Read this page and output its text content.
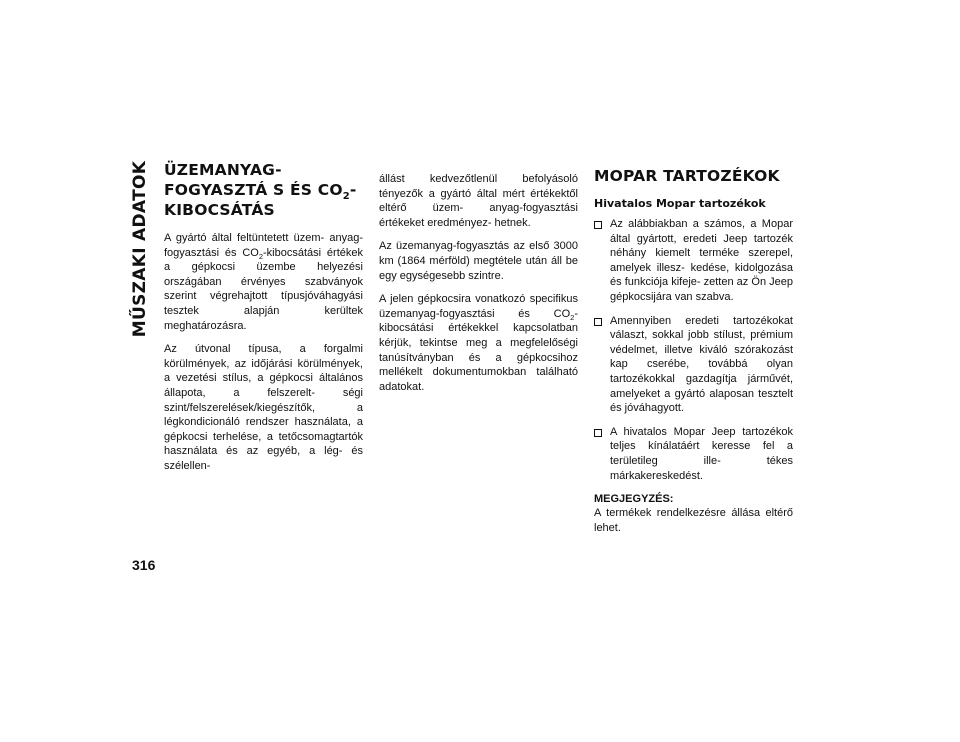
MŰSZAKI ADATOK ÜZEMANYAG-FOGYASZTÁ S ÉS $CO_2$-KIBOCSÁTÁS

A gyártó által feltüntetett üzem- anyag-fogyasztási és $CO_2$-kibocsátási értékek a gépkocsi üzembe helyezési országában érvényes szabványok szerint végrehajtott típusjóváhagyási tesztek alapján kerültek meghatározásra.

Az útvonal típusa, a forgalmi körülmények, az időjárási körülmények, a vezetési stílus, a gépkocsi általános állapota, a felszerelt- ségi szint/felszerelések/kiegészítők, a légkondicionáló rendszer használata, a gépkocsi terhelése, a tetőcsomagtartók használata és az egyéb, a lég- és szélellen-

állást kedvezőtlenül befolyásoló tényezők a gyártó által mért értékektől eltérő üzem- anyag-fogyasztási értékeket eredményez- hetnek.

Az üzemanyag-fogyasztás az első 3000 km (1864 mérföld) megtétele után áll be egy egységesebb szintre.

A jelen gépkocsira vonatkozó specifikus üzemanyag-fogyasztási és $CO_2$-kibocsátási értékekkel kapcsolatban kérjük, tekintse meg a megfelelőségi tanúsítványban és a gépkocsihoz mellékelt dokumentumokban található adatokat.

MOPAR TARTOZÉKOK
Hivatalos Mopar tartozékok
Az alábbiakban a számos, a Mopar által gyártott, eredeti Jeep tartozék néhány kiemelt terméke szerepel, amelyek illesz- kedése, kidolgozása és funkciója kifeje- zetten az Ön Jeep gépkocsijára van szabva.
Amennyiben eredeti tartozékokat választ, sokkal jobb stílust, prémium védelmet, illetve kiváló szórakozást kap cserébe, továbbá olyan tartozékokkal gazdagítja járművét, amelyeket a gyártó alaposan tesztelt és jóváhagyott.
A hivatalos Mopar Jeep tartozékok teljes kínálatáért keresse fel a területileg ille- tékes márkakereskedést.

MEGJEGYZÉS:

A termékek rendelkezésre állása eltérő lehet.

316
